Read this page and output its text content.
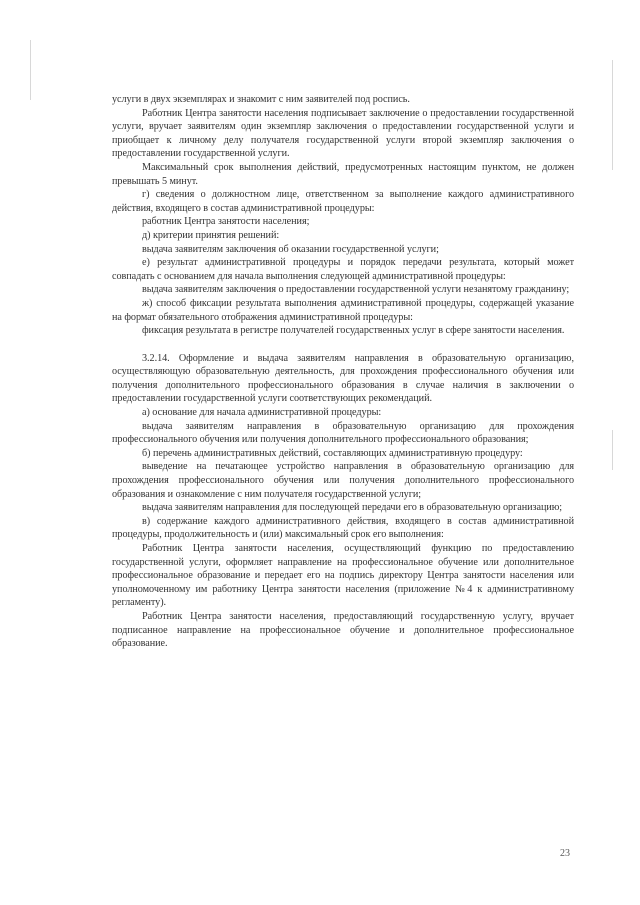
услуги в двух экземплярах и знакомит с ним заявителей под роспись.

Работник Центра занятости населения подписывает заключение о предоставлении государственной услуги, вручает заявителям один экземпляр заключения о предоставлении государственной услуги и приобщает к личному делу получателя государственной услуги второй экземпляр заключения о предоставлении государственной услуги.

Максимальный срок выполнения действий, предусмотренных настоящим пунктом, не должен превышать 5 минут.

г) сведения о должностном лице, ответственном за выполнение каждого административного действия, входящего в состав административной процедуры:

работник Центра занятости населения;

д) критерии принятия решений:

выдача заявителям заключения об оказании государственной услуги;

е) результат административной процедуры и порядок передачи результата, который может совпадать с основанием для начала выполнения следующей административной процедуры:

выдача заявителям заключения о предоставлении государственной услуги незанятому гражданину;

ж) способ фиксации результата выполнения административной процедуры, содержащей указание на формат обязательного отображения административной процедуры:

фиксация результата в регистре получателей государственных услуг в сфере занятости населения.

3.2.14. Оформление и выдача заявителям направления в образовательную организацию, осуществляющую образовательную деятельность, для прохождения профессионального обучения или получения дополнительного профессионального образования в случае наличия в заключении о предоставлении государственной услуги соответствующих рекомендаций.

а) основание для начала административной процедуры:

выдача заявителям направления в образовательную организацию для прохождения профессионального обучения или получения дополнительного профессионального образования;

б) перечень административных действий, составляющих административную процедуру:

выведение на печатающее устройство направления в образовательную организацию для прохождения профессионального обучения или получения дополнительного профессионального образования и ознакомление с ним получателя государственной услуги;

выдача заявителям направления для последующей передачи его в образовательную организацию;

в) содержание каждого административного действия, входящего в состав административной процедуры, продолжительность и (или) максимальный срок его выполнения:

Работник Центра занятости населения, осуществляющий функцию по предоставлению государственной услуги, оформляет направление на профессиональное обучение или дополнительное профессиональное образование и передает его на подпись директору Центра занятости населения или уполномоченному им работнику Центра занятости населения (приложение №4 к административному регламенту).

Работник Центра занятости населения, предоставляющий государственную услугу, вручает подписанное направление на профессиональное обучение и дополнительное профессиональное образование.

23
